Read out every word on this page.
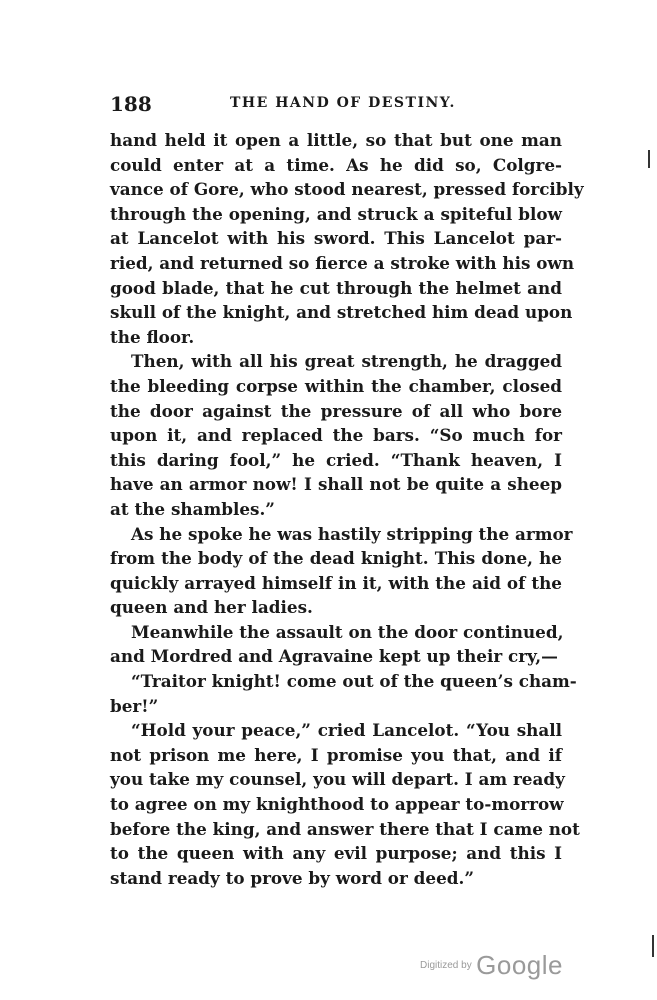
188	THE HAND OF DESTINY.
hand held it open a little, so that but one man
could enter at a time. As he did so, Colgre-
vance of Gore, who stood nearest, pressed forcibly
through the opening, and struck a spiteful blow
at Lancelot with his sword. This Lancelot par-
ried, and returned so fierce a stroke with his own
good blade, that he cut through the helmet and
skull of the knight, and stretched him dead upon
the floor.
Then, with all his great strength, he dragged
the bleeding corpse within the chamber, closed
the door against the pressure of all who bore
upon it, and replaced the bars. “So much for
this daring fool,” he cried. “Thank heaven, I
have an armor now! I shall not be quite a sheep
at the shambles.”
As he spoke he was hastily stripping the armor
from the body of the dead knight. This done, he
quickly arrayed himself in it, with the aid of the
queen and her ladies.
Meanwhile the assault on the door continued,
and Mordred and Agravaine kept up their cry,—
“Traitor knight! come out of the queen’s cham-
ber!”
“Hold your peace,” cried Lancelot. “You shall
not prison me here, I promise you that, and if
you take my counsel, you will depart. I am ready
to agree on my knighthood to appear to-morrow
before the king, and answer there that I came not
to the queen with any evil purpose; and this I
stand ready to prove by word or deed.”
Digitized by Google
